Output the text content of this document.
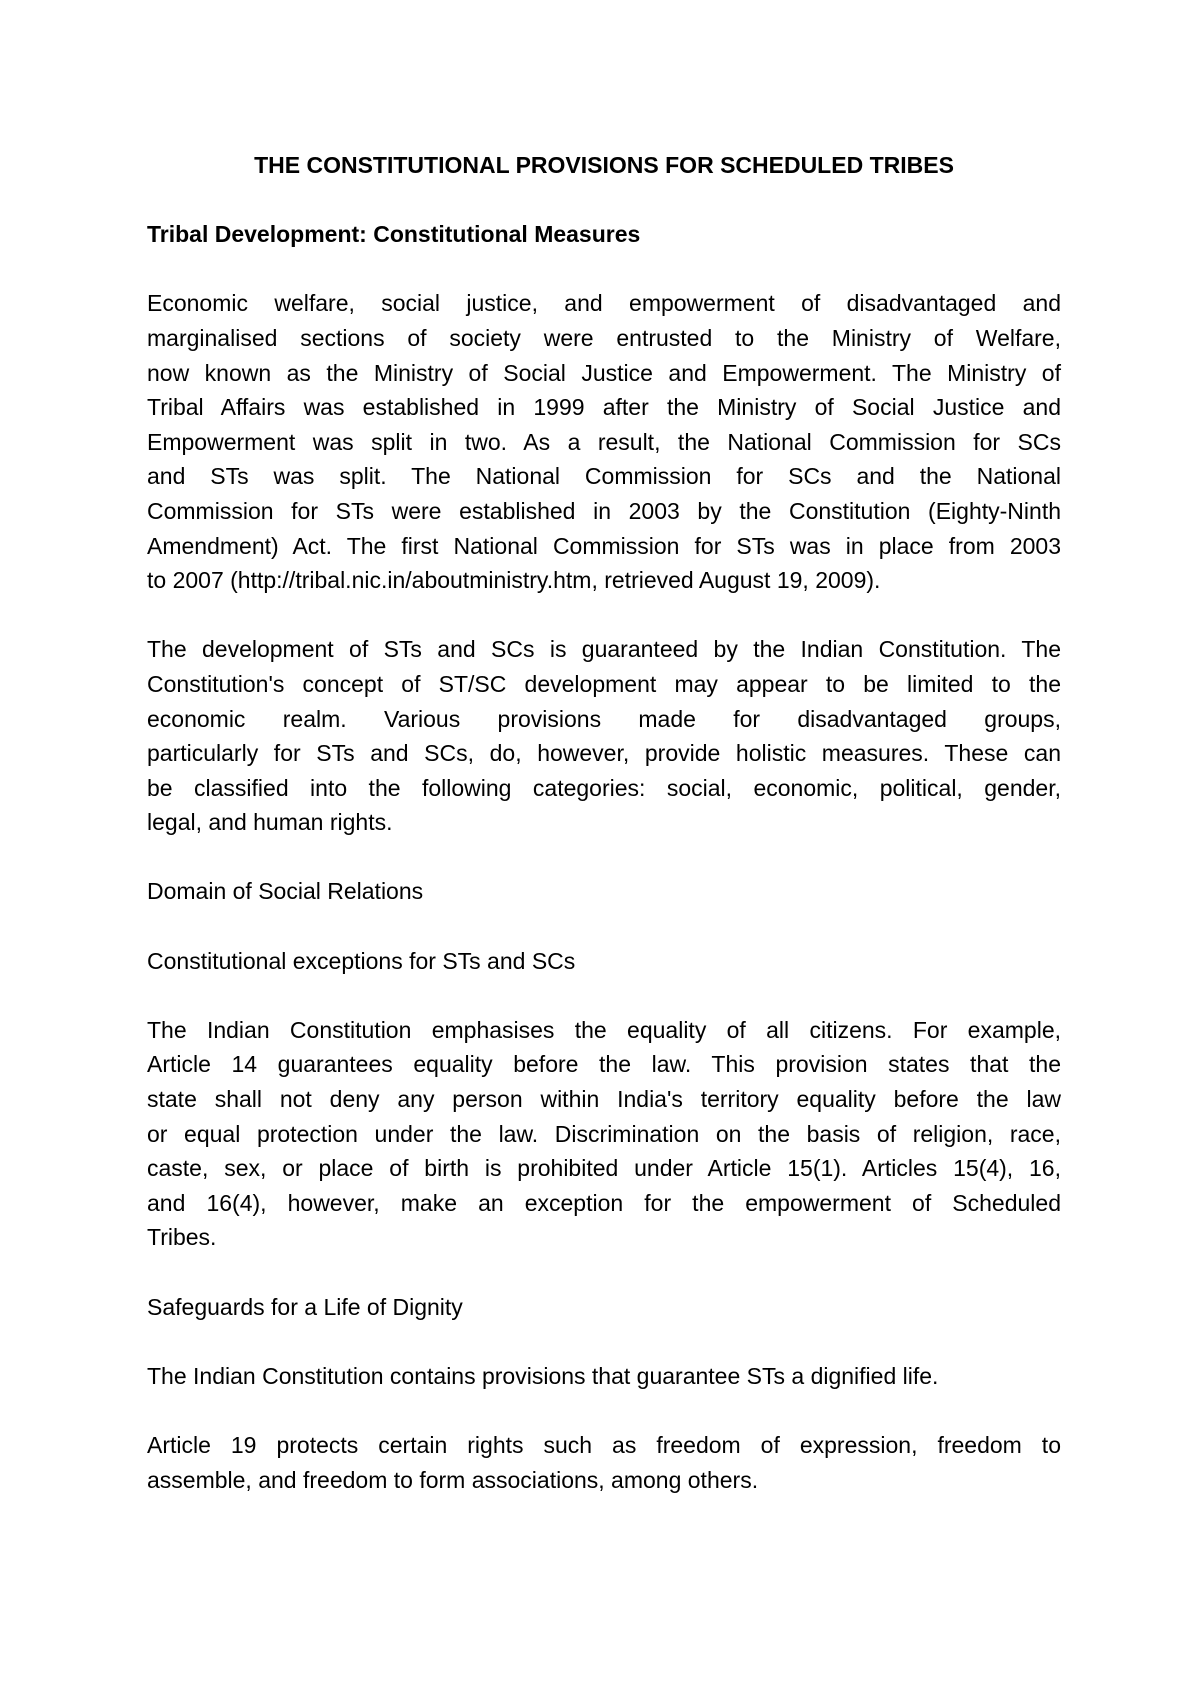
THE CONSTITUTIONAL PROVISIONS FOR SCHEDULED TRIBES
Tribal Development: Constitutional Measures
Economic welfare, social justice, and empowerment of disadvantaged and
marginalised sections of society were entrusted to the Ministry of Welfare,
now known as the Ministry of Social Justice and Empowerment. The Ministry of
Tribal Affairs was established in 1999 after the Ministry of Social Justice and
Empowerment was split in two. As a result, the National Commission for SCs
and STs was split. The National Commission for SCs and the National
Commission for STs were established in 2003 by the Constitution (Eighty-Ninth
Amendment) Act. The first National Commission for STs was in place from 2003
to 2007 (http://tribal.nic.in/aboutministry.htm, retrieved August 19, 2009).
The development of STs and SCs is guaranteed by the Indian Constitution. The
Constitution's concept of ST/SC development may appear to be limited to the
economic realm. Various provisions made for disadvantaged groups,
particularly for STs and SCs, do, however, provide holistic measures. These can
be classified into the following categories: social, economic, political, gender,
legal, and human rights.
Domain of Social Relations
Constitutional exceptions for STs and SCs
The Indian Constitution emphasises the equality of all citizens. For example,
Article 14 guarantees equality before the law. This provision states that the
state shall not deny any person within India's territory equality before the law
or equal protection under the law. Discrimination on the basis of religion, race,
caste, sex, or place of birth is prohibited under Article 15(1). Articles 15(4), 16,
and 16(4), however, make an exception for the empowerment of Scheduled
Tribes.
Safeguards for a Life of Dignity
The Indian Constitution contains provisions that guarantee STs a dignified life.
Article 19 protects certain rights such as freedom of expression, freedom to
assemble, and freedom to form associations, among others.
